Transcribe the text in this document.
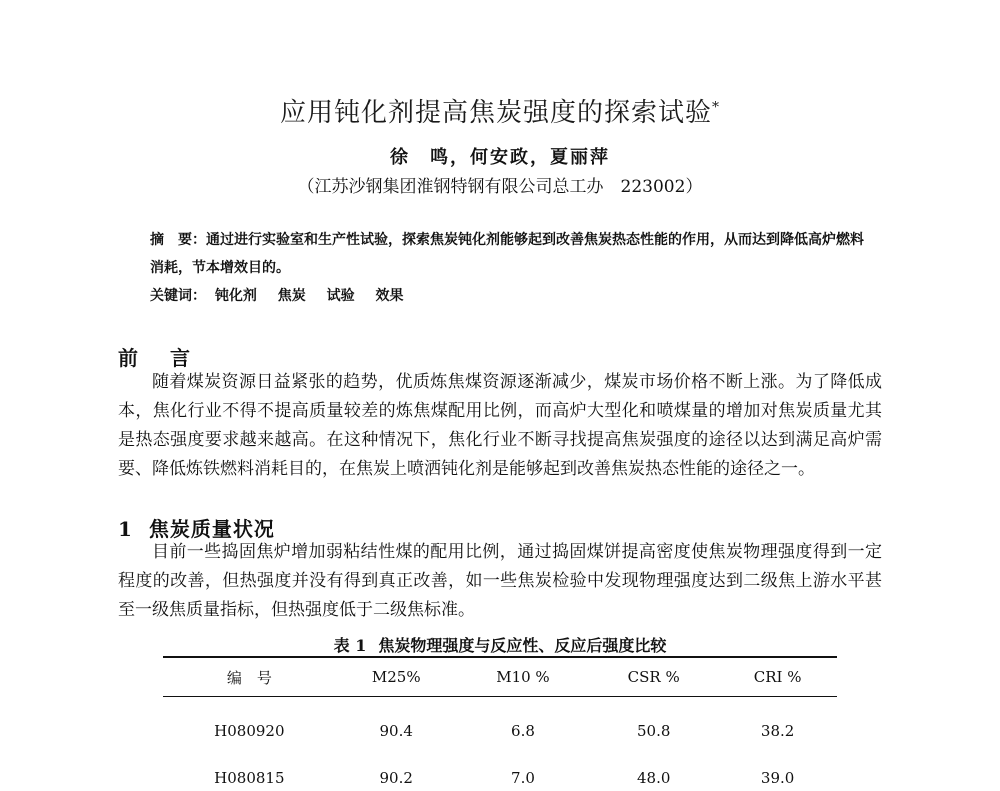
应用钝化剂提高焦炭强度的探索试验*
徐　鸣，何安政，夏丽萍
（江苏沙钢集团淮钢特钢有限公司总工办　223002）
摘　要：通过进行实验室和生产性试验，探索焦炭钝化剂能够起到改善焦炭热态性能的作用，从而达到降低高炉燃料消耗，节本增效目的。
关键词： 钝化剂 焦炭 试验 效果
前　言
随着煤炭资源日益紧张的趋势，优质炼焦煤资源逐渐减少，煤炭市场价格不断上涨。为了降低成本，焦化行业不得不提高质量较差的炼焦煤配用比例，而高炉大型化和喷煤量的增加对焦炭质量尤其是热态强度要求越来越高。在这种情况下，焦化行业不断寻找提高焦炭强度的途径以达到满足高炉需要、降低炼铁燃料消耗目的，在焦炭上喷洒钝化剂是能够起到改善焦炭热态性能的途径之一。
1 焦炭质量状况
目前一些捣固焦炉增加弱粘结性煤的配用比例，通过捣固煤饼提高密度使焦炭物理强度得到一定程度的改善，但热强度并没有得到真正改善，如一些焦炭检验中发现物理强度达到二级焦上游水平甚至一级焦质量指标，但热强度低于二级焦标准。
表 1 焦炭物理强度与反应性、反应后强度比较
编　号	M25%	M10 %	CSR %	CRI %
H080920	90.4	6.8	50.8	38.2
H080815	90.2	7.0	48.0	39.0
